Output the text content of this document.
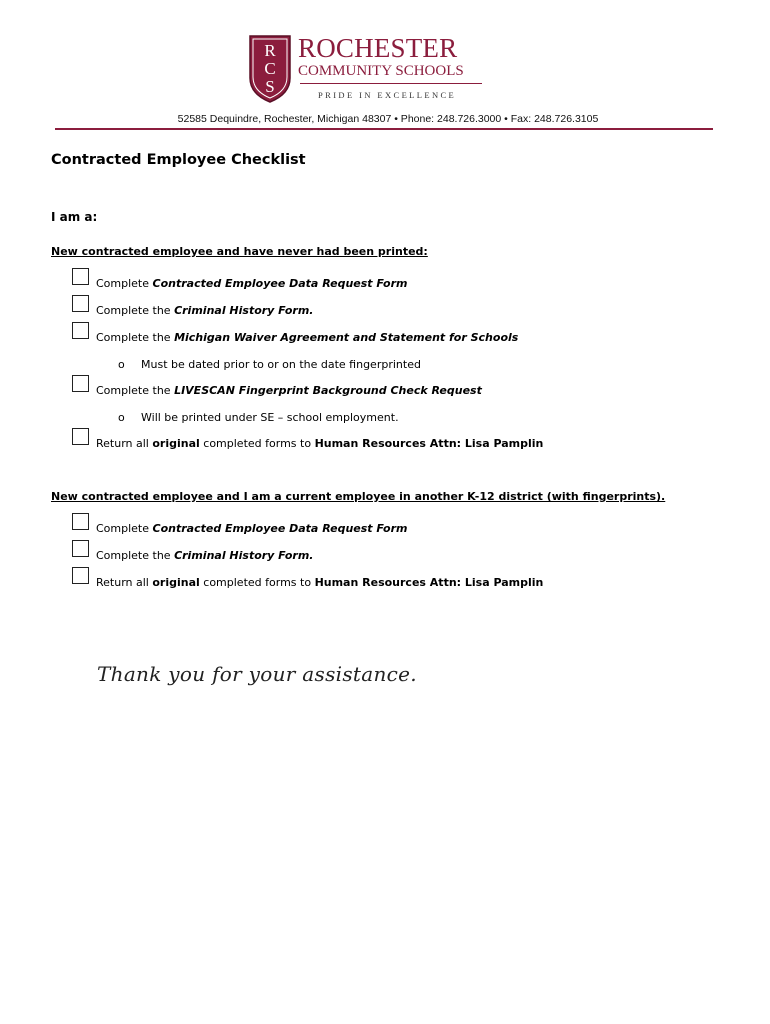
R
C
S
ROCHESTER
COMMUNITY SCHOOLS
PRIDE IN EXCELLENCE
52585 Dequindre, Rochester, Michigan 48307 • Phone: 248.726.3000 • Fax: 248.726.3105
Contracted Employee Checklist
I am a:
New contracted employee and have never had been printed:
Complete Contracted Employee Data Request Form
Complete the Criminal History Form.
Complete the Michigan Waiver Agreement and Statement for Schools
o Must be dated prior to or on the date fingerprinted
Complete the LIVESCAN Fingerprint Background Check Request
o Will be printed under SE – school employment.
Return all original completed forms to Human Resources Attn: Lisa Pamplin
New contracted employee and I am a current employee in another K-12 district (with fingerprints).
Complete Contracted Employee Data Request Form
Complete the Criminal History Form.
Return all original completed forms to Human Resources Attn: Lisa Pamplin
Thank you for your assistance.
